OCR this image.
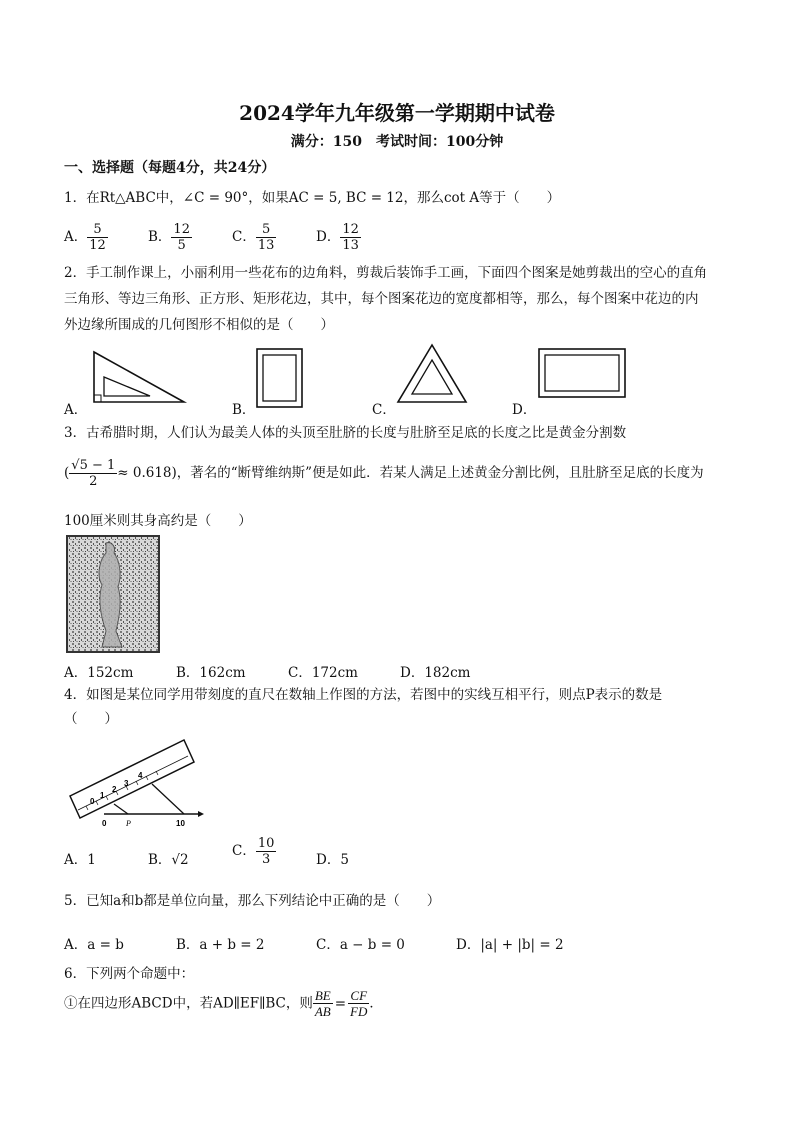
2024学年九年级第一学期期中试卷
满分：150　考试时间：100分钟
一、选择题（每题4分，共24分）
1．在Rt△ABC中，∠C = 90°，如果AC = 5, BC = 12，那么cot A等于（　　）
A． $\frac{5}{12}$	B． $\frac{12}{5}$	C． $\frac{5}{13}$	D． $\frac{12}{13}$
2．手工制作课上，小丽利用一些花布的边角料，剪裁后装饰手工画，下面四个图案是她剪裁出的空心的直角
三角形、等边三角形、正方形、矩形花边，其中，每个图案花边的宽度都相等，那么，每个图案中花边的内
外边缘所围成的几何图形不相似的是（　　）
A．	B．	C．	D．
3．古希腊时期，人们认为最美人体的头顶至肚脐的长度与肚脐至足底的长度之比是黄金分割数
( $\frac{√5 - 1}{2} \approx 0.618$)，著名的“断臂维纳斯”便是如此．若某人满足上述黄金分割比例，且肚脐至足底的长度为
100厘米则其身高约是（　　）
A．152cm	B．162cm	C．172cm	D．182cm
4．如图是某位同学用带刻度的直尺在数轴上作图的方法，若图中的实线互相平行，则点P表示的数是
（　　）
0
1
2
3
4
0 P	10
A．1	B．√2
C． $\frac{10}{3}$	D．5
5．已知a和b都是单位向量，那么下列结论中正确的是（　　）
A．a = b	B．a + b = 2	C．a − b = 0	D．|a| + |b| = 2
6．下列两个命题中：
①在四边形ABCD中，若AD∥EF∥BC，则 $\frac{BE}{AB} = \frac{CF}{FD}$ ．
